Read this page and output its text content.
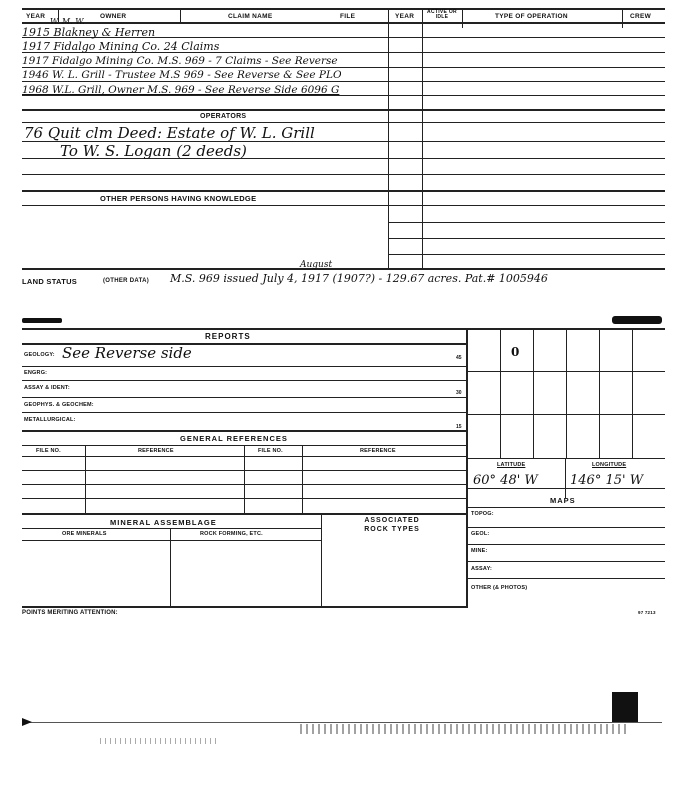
YEAR	OWNER	CLAIM NAME	FILE	YEAR
ACTIVE OR IDLE	TYPE OF OPERATION	CREW
W. M. W.
1915 Blakney & Herren
1917 Fidalgo Mining Co. 24 Claims
1917 Fidalgo Mining Co. M.S. 969 - 7 Claims - See Reverse
1946 W. L. Grill - Trustee M.S 969 - See Reverse & See PLO
1968 W.L. Grill, Owner M.S. 969 - See Reverse Side 6096 G
OPERATORS
76 Quit clm Deed: Estate of W. L. Grill
To W. S. Logan (2 deeds)
OTHER PERSONS HAVING KNOWLEDGE
LAND STATUS	(OTHER DATA)
August
M.S. 969 issued July 4, 1917 (1907?) - 129.67 acres. Pat.# 1005946
REPORTS
GEOLOGY: See Reverse side	45
ENGRG:
ASSAY & IDENT:
30
GEOPHYS. & GEOCHEM:
METALLURGICAL:
15
GENERAL REFERENCES
FILE NO.	REFERENCE	FILE NO.	REFERENCE
MINERAL ASSEMBLAGE
ORE MINERALS	ROCK FORMING, ETC.
ASSOCIATED ROCK TYPES
POINTS MERITING ATTENTION:	97 7213
0
LATITUDE	LONGITUDE
60° 48' W 146° 15' W
MAPS
TOPOG:
GEOL:
MINE:
ASSAY:
OTHER (& PHOTOS)
